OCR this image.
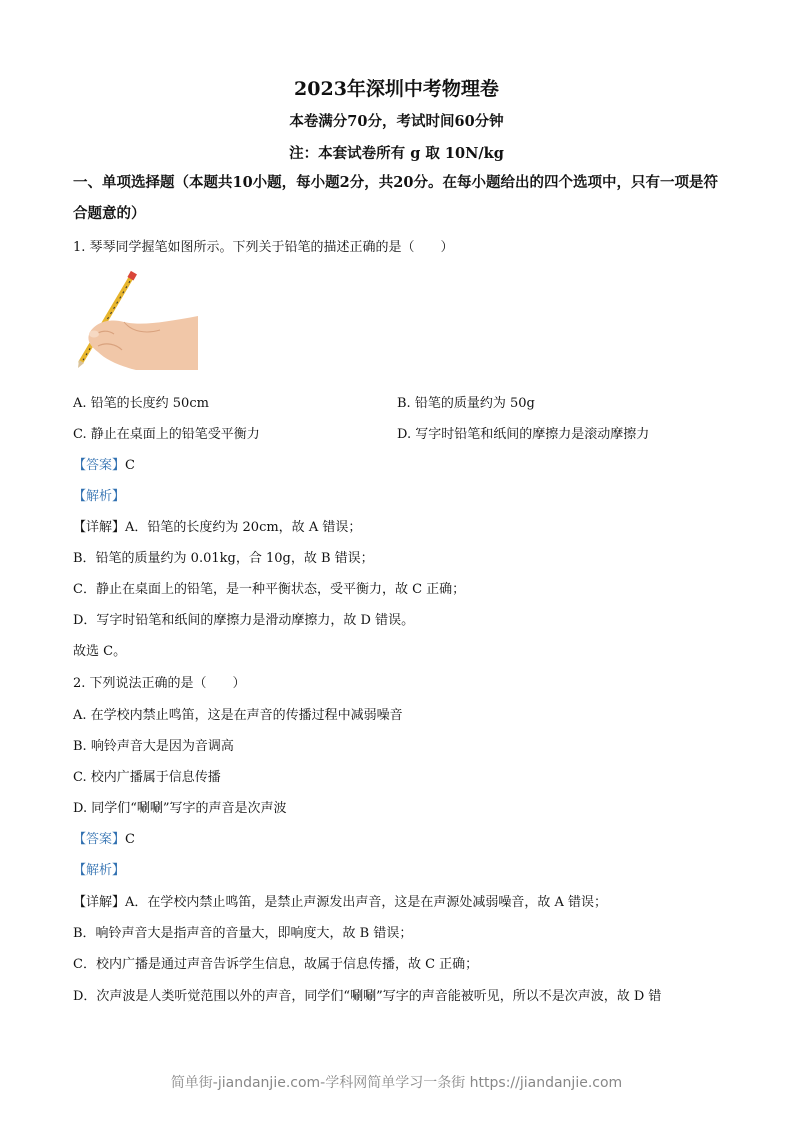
2023年深圳中考物理卷
本卷满分70分，考试时间60分钟
注：本套试卷所有 g 取 10N/kg
一、单项选择题（本题共10小题，每小题2分，共20分。在每小题给出的四个选项中，只有一项是符合题意的）
1. 琴琴同学握笔如图所示。下列关于铅笔的描述正确的是（　　）
A. 铅笔的长度约 50cm	B. 铅笔的质量约为 50g
C. 静止在桌面上的铅笔受平衡力	D. 写字时铅笔和纸间的摩擦力是滚动摩擦力
【答案】C
【解析】
【详解】A．铅笔的长度约为 20cm，故 A 错误；
B．铅笔的质量约为 0.01kg，合 10g，故 B 错误；
C．静止在桌面上的铅笔，是一种平衡状态，受平衡力，故 C 正确；
D．写字时铅笔和纸间的摩擦力是滑动摩擦力，故 D 错误。
故选 C。
2. 下列说法正确的是（　　）
A. 在学校内禁止鸣笛，这是在声音的传播过程中减弱噪音
B. 响铃声音大是因为音调高
C. 校内广播属于信息传播
D. 同学们“唰唰”写字的声音是次声波
【答案】C
【解析】
【详解】A．在学校内禁止鸣笛，是禁止声源发出声音，这是在声源处减弱噪音，故 A 错误；
B．响铃声音大是指声音的音量大，即响度大，故 B 错误；
C．校内广播是通过声音告诉学生信息，故属于信息传播，故 C 正确；
D．次声波是人类听觉范围以外的声音，同学们“唰唰”写字的声音能被听见，所以不是次声波，故 D 错
简单街-jiandanjie.com-学科网简单学习一条街 https://jiandanjie.com
